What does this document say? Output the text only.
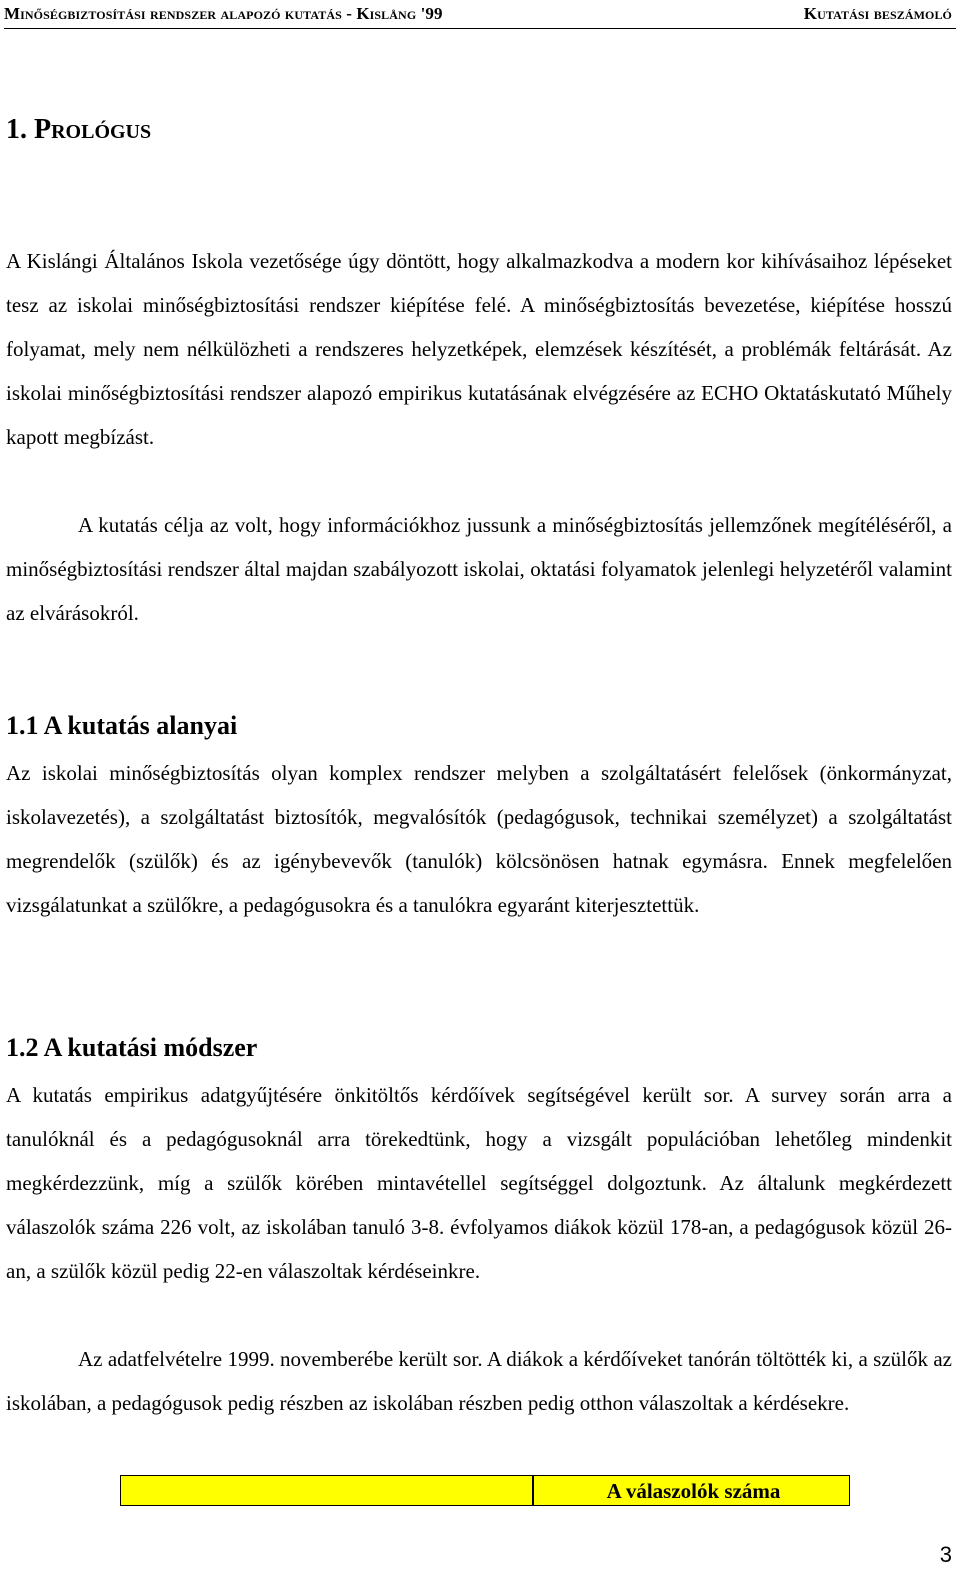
Minőségbiztosítási rendszer alapozó kutatás - Kislång '99	Kutatási beszámoló
1. Prológus

A Kislángi Általános Iskola vezetősége úgy döntött, hogy alkalmazkodva a modern kor kihívásaihoz lépéseket tesz az iskolai minőségbiztosítási rendszer kiépítése felé. A minőségbiztosítás bevezetése, kiépítése hosszú folyamat, mely nem nélkülözheti a rendszeres helyzetképek, elemzések készítését, a problémák feltárását. Az iskolai minőségbiztosítási rendszer alapozó empirikus kutatásának elvégzésére az ECHO Oktatáskutató Műhely kapott megbízást.

A kutatás célja az volt, hogy információkhoz jussunk a minőségbiztosítás jellemzőnek megítéléséről, a minőségbiztosítási rendszer által majdan szabályozott iskolai, oktatási folyamatok jelenlegi helyzetéről valamint az elvárásokról.

1.1 A kutatás alanyai

Az iskolai minőségbiztosítás olyan komplex rendszer melyben a szolgáltatásért felelősek (önkormányzat, iskolavezetés), a szolgáltatást biztosítók, megvalósítók (pedagógusok, technikai személyzet) a szolgáltatást megrendelők (szülők) és az igénybevevők (tanulók) kölcsönösen hatnak egymásra. Ennek megfelelően vizsgálatunkat a szülőkre, a pedagógusokra és a tanulókra egyaránt kiterjesztettük.

1.2 A kutatási módszer

A kutatás empirikus adatgyűjtésére önkitöltős kérdőívek segítségével került sor. A survey során arra a tanulóknál és a pedagógusoknál arra törekedtünk, hogy a vizsgált populációban lehetőleg mindenkit megkérdezzünk, míg a szülők körében mintavétellel segítséggel dolgoztunk. Az általunk megkérdezett válaszolók száma 226 volt, az iskolában tanuló 3-8. évfolyamos diákok közül 178-an, a pedagógusok közül 26-an, a szülők közül pedig 22-en válaszoltak kérdéseinkre.

Az adatfelvételre 1999. novemberébe került sor. A diákok a kérdőíveket tanórán töltötték ki, a szülők az iskolában, a pedagógusok pedig részben az iskolában részben pedig otthon válaszoltak a kérdésekre.

A válaszolók száma
3
